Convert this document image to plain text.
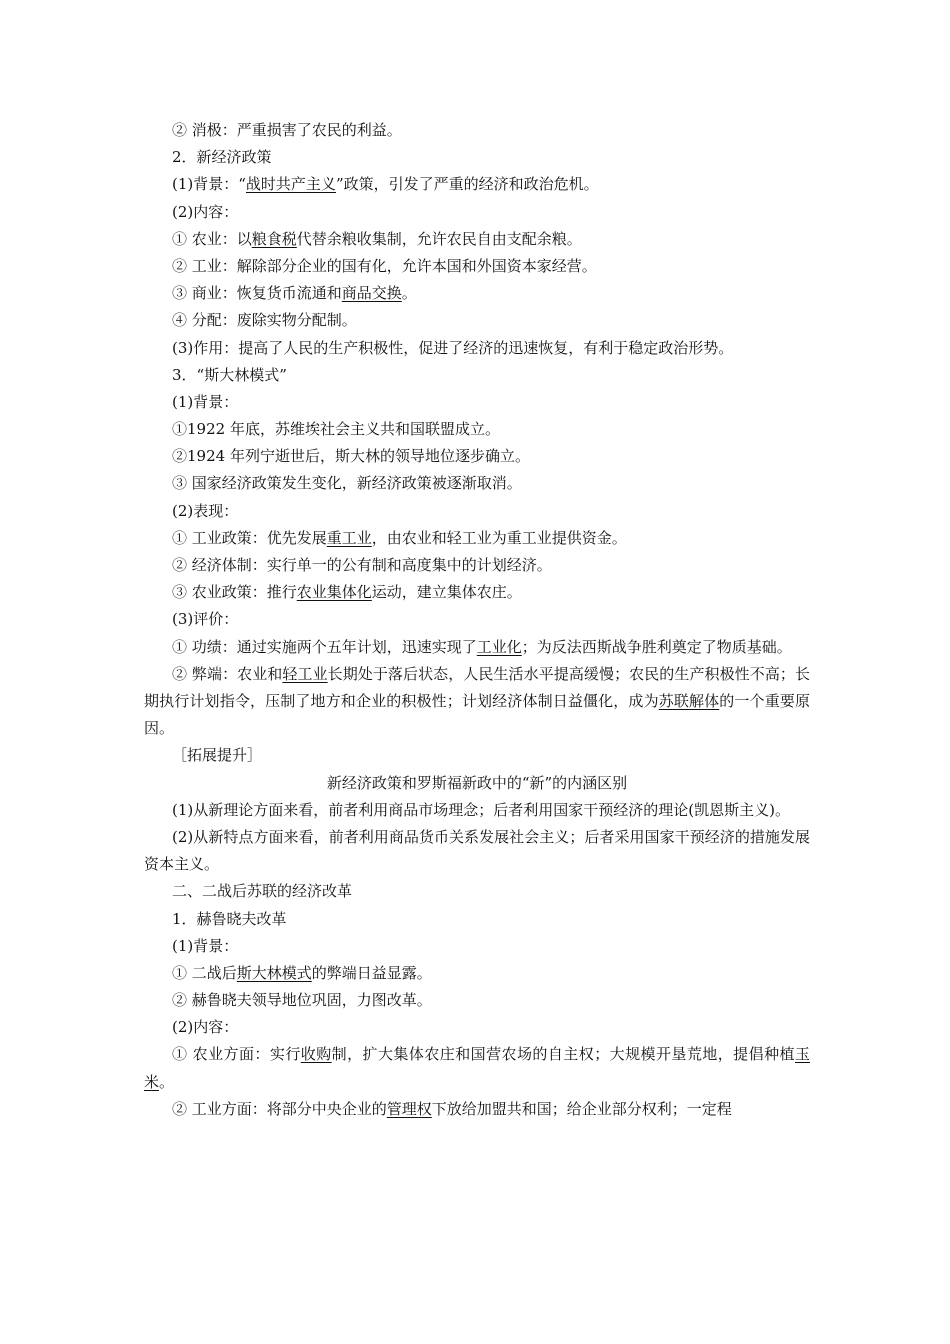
② 消极：严重损害了农民的利益。
2．新经济政策
(1)背景：“战时共产主义”政策，引发了严重的经济和政治危机。
(2)内容：
① 农业：以粮食税代替余粮收集制，允许农民自由支配余粮。
② 工业：解除部分企业的国有化，允许本国和外国资本家经营。
③ 商业：恢复货币流通和商品交换。
④ 分配：废除实物分配制。
(3)作用：提高了人民的生产积极性，促进了经济的迅速恢复，有利于稳定政治形势。
3．“斯大林模式”
(1)背景：
①1922 年底，苏维埃社会主义共和国联盟成立。
②1924 年列宁逝世后，斯大林的领导地位逐步确立。
③ 国家经济政策发生变化，新经济政策被逐渐取消。
(2)表现：
① 工业政策：优先发展重工业，由农业和轻工业为重工业提供资金。
② 经济体制：实行单一的公有制和高度集中的计划经济。
③ 农业政策：推行农业集体化运动，建立集体农庄。
(3)评价：
① 功绩：通过实施两个五年计划，迅速实现了工业化；为反法西斯战争胜利奠定了物质基础。
② 弊端：农业和轻工业长期处于落后状态，人民生活水平提高缓慢；农民的生产积极性不高；长期执行计划指令，压制了地方和企业的积极性；计划经济体制日益僵化，成为苏联解体的一个重要原因。
［拓展提升］
新经济政策和罗斯福新政中的“新”的内涵区别
(1)从新理论方面来看，前者利用商品市场理念；后者利用国家干预经济的理论(凯恩斯主义)。
(2)从新特点方面来看，前者利用商品货币关系发展社会主义；后者采用国家干预经济的措施发展资本主义。
二、二战后苏联的经济改革
1．赫鲁晓夫改革
(1)背景：
① 二战后斯大林模式的弊端日益显露。
② 赫鲁晓夫领导地位巩固，力图改革。
(2)内容：
① 农业方面：实行收购制，扩大集体农庄和国营农场的自主权；大规模开垦荒地，提倡种植玉米。
② 工业方面：将部分中央企业的管理权下放给加盟共和国；给企业部分权利；一定程
